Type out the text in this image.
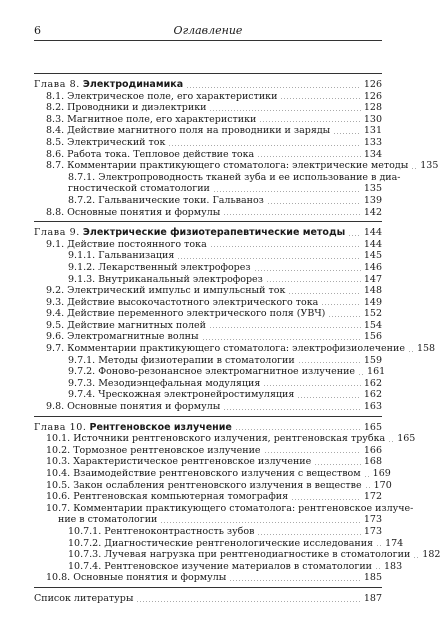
6	Оглавление
Глава 8. Электродинамика	126
8.1. Электрическое поле, его характеристики	126
8.2. Проводники и диэлектрики	128
8.3. Магнитное поле, его характеристики	130
8.4. Действие магнитного поля на проводники и заряды	131
8.5. Электрический ток	133
8.6. Работа тока. Тепловое действие тока	134
8.7. Комментарии практикующего стоматолога: электрические методы 135
8.7.1. Электропроводность тканей зуба и ее использование в диа-
гностической стоматологии	135
8.7.2. Гальванические токи. Гальваноз	139
8.8. Основные понятия и формулы	142
Глава 9. Электрические физиотерапевтические методы 144
9.1. Действие постоянного тока	144
9.1.1. Гальванизация	145
9.1.2. Лекарственный электрофорез	146
9.1.3. Внутриканальный электрофорез	147
9.2. Электрический импульс и импульсный ток	148
9.3. Действие высокочастотного электрического тока	149
9.4. Действие переменного электрического поля (УВЧ)	152
9.5. Действие магнитных полей	154
9.6. Электромагнитные волны	156
9.7. Комментарии практикующего стоматолога: электрофизиолечение 158
9.7.1. Методы физиотерапии в стоматологии	159
9.7.2. Фоново-резонансное электромагнитное излучение 161
9.7.3. Мезодиэнцефальная модуляция	162
9.7.4. Чрескожная электронейростимуляция	162
9.8. Основные понятия и формулы	163
Глава 10. Рентгеновское излучение	165
10.1. Источники рентгеновского излучения, рентгеновская трубка 165
10.2. Тормозное рентгеновское излучение	166
10.3. Характеристическое рентгеновское излучение	168
10.4. Взаимодействие рентгеновского излучения с веществом 169
10.5. Закон ослабления рентгеновского излучения в веществе 170
10.6. Рентгеновская компьютерная томография	172
10.7. Комментарии практикующего стоматолога: рентгеновское излуче-
ние в стоматологии	173
10.7.1. Рентгеноконтрастность зубов	173
10.7.2. Диагностические рентгенологические исследования 174
10.7.3. Лучевая нагрузка при рентгенодиагностике в стоматологии 182
10.7.4. Рентгеновское изучение материалов в стоматологии 183
10.8. Основные понятия и формулы	185
Список литературы	187
